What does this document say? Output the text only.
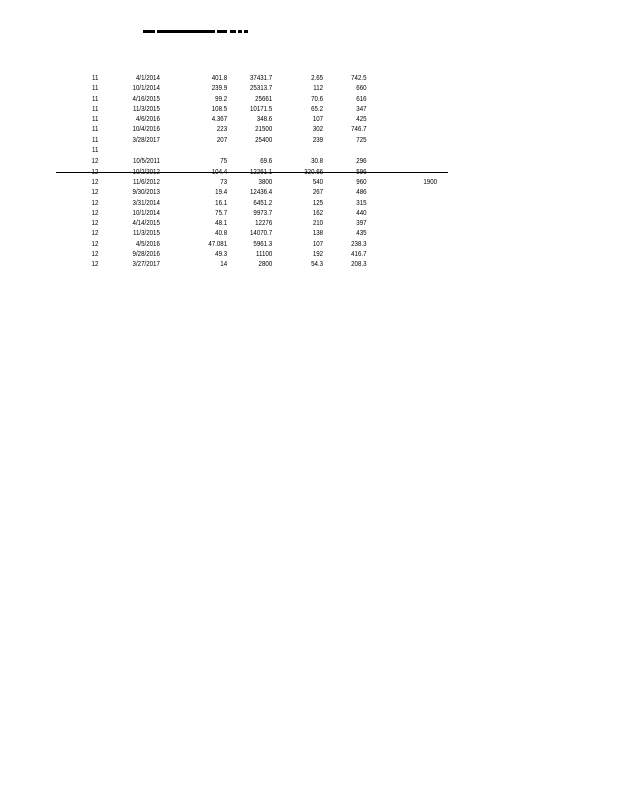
11	4/1/2014	401.8	37431.7	2.65	742.5
11	10/1/2014	239.9	25313.7	112	660
11	4/16/2015	99.2	25661	70.6	616
11	11/3/2015	108.5	10171.5	65.2	347
11	4/6/2016	4.367	348.6	107	425
11	10/4/2016	223	21500	302	746.7
11	3/28/2017	207	25400	239	725
11
12	10/5/2011	75	69.6	30.8	296
12	10/2/2012	104.4	12261.1	320.66	596
12	11/6/2012	73	3800	540	960	1900
12	9/30/2013	19.4	12436.4	267	486
12	3/31/2014	16.1	6451.2	125	315
12	10/1/2014	75.7	9973.7	162	440
12	4/14/2015	48.1	12276	210	397
12	11/3/2015	40.8	14070.7	138	435
12	4/5/2016	47.081	5961.3	107	238.3
12	9/28/2016	49.3	11100	192	416.7
12	3/27/2017	14	2800	54.3	208.3
